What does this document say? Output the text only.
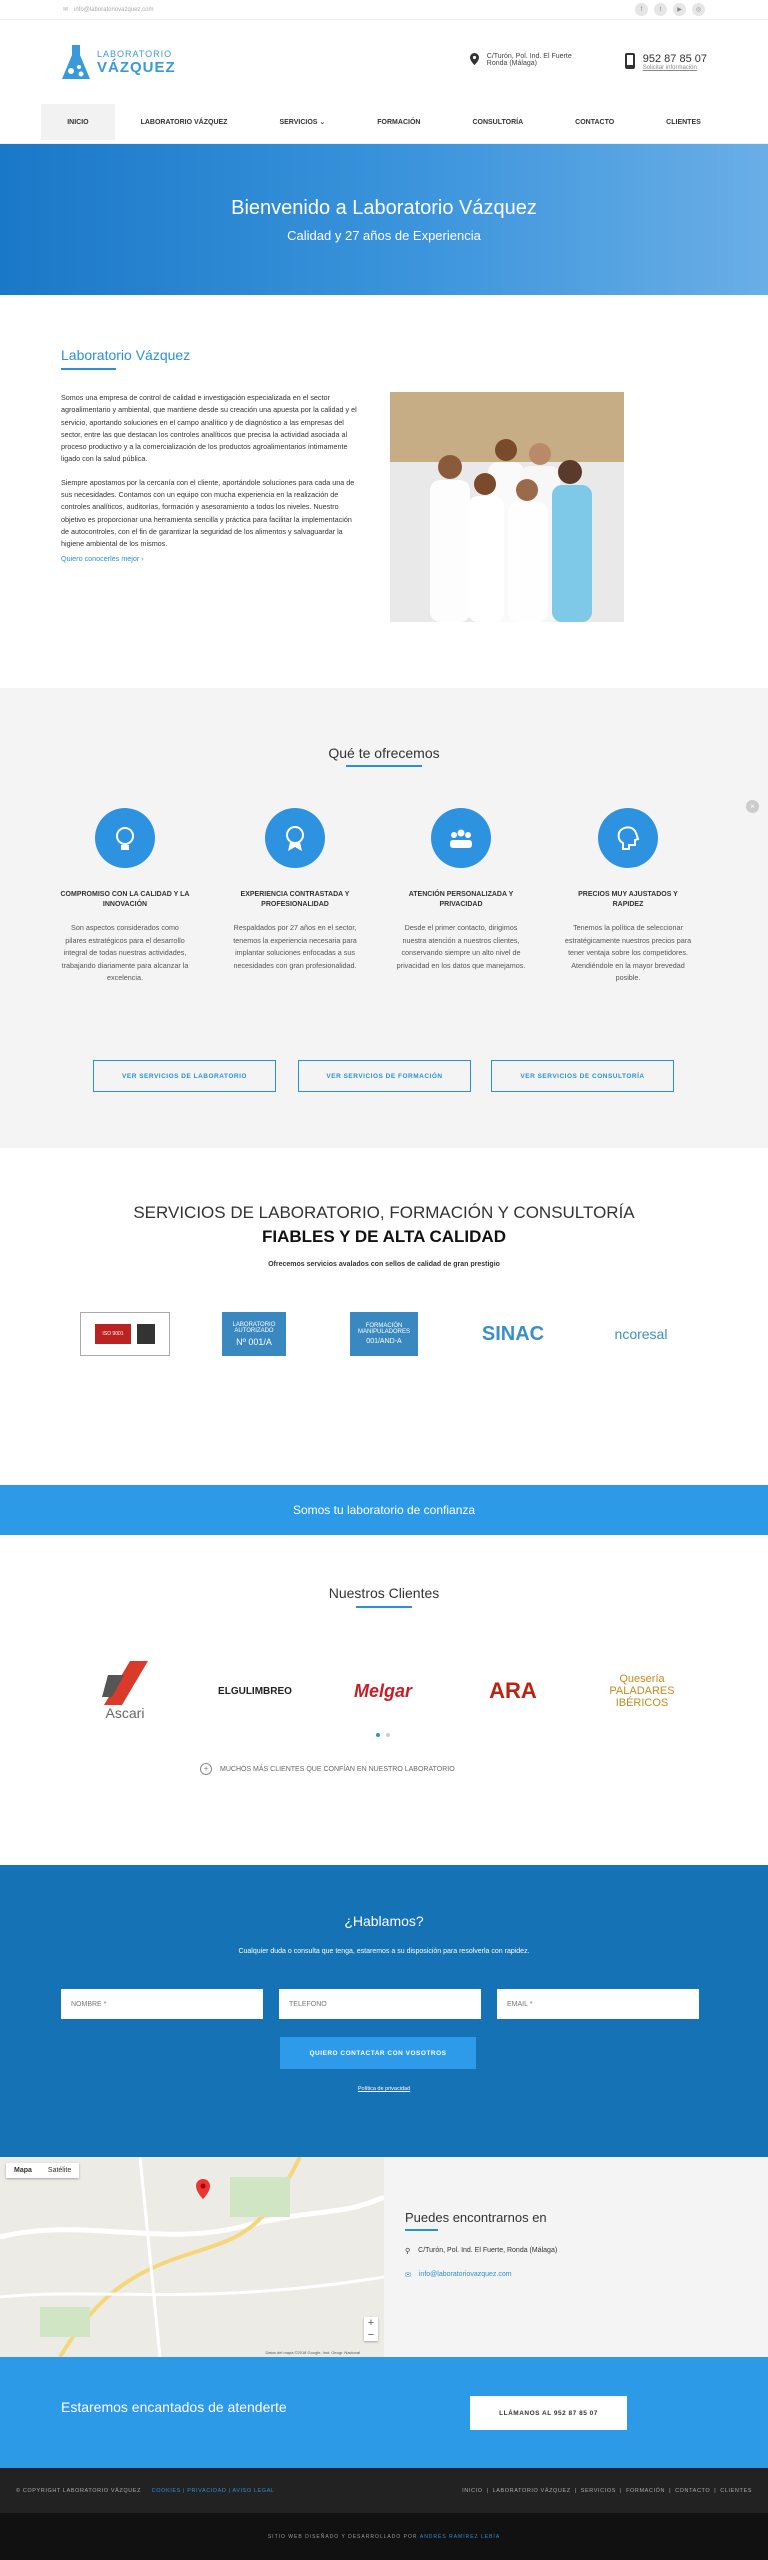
✉ info@laboratoriovazquez.com	f	t	▶	◎
LABORATORIO
VÁZQUEZ
C/Turón, Pol. Ind. El Fuerte
Ronda (Málaga)	952 87 85 07
Solicitar información
INICIO	LABORATORIO VÁZQUEZ	SERVICIOS
⌄	FORMACIÓN	CONSULTORÍA	CONTACTO	CLIENTES
Bienvenido a Laboratorio Vázquez

Calidad y 27 años de Experiencia

Laboratorio Vázquez

Somos una empresa de control de calidad e investigación especializada en el sector agroalimentario y ambiental, que mantiene desde su creación una apuesta por la calidad y el servicio, aportando soluciones en el campo analítico y de diagnóstico a las empresas del sector, entre las que destacan los controles analíticos que precisa la actividad asociada al proceso productivo y a la comercialización de los productos agroalimentarios íntimamente ligado con la salud pública.

Siempre apostamos por la cercanía con el cliente, aportándole soluciones para cada una de sus necesidades. Contamos con un equipo con mucha experiencia en la realización de controles analíticos, auditorías, formación y asesoramiento a todos los niveles. Nuestro objetivo es proporcionar una herramienta sencilla y práctica para facilitar la implementación de autocontroles, con el fin de garantizar la seguridad de los alimentos y salvaguardar la higiene ambiental de los mismos.

Quiero conocerles mejor ›
×
Qué te ofrecemos
COMPROMISO CON LA CALIDAD Y LA INNOVACIÓN

Son aspectos considerados como pilares estratégicos para el desarrollo integral de todas nuestras actividades, trabajando diariamente para alcanzar la excelencia.

EXPERIENCIA CONTRASTADA Y PROFESIONALIDAD

Respaldados por 27 años en el sector, tenemos la experiencia necesaria para implantar soluciones enfocadas a sus necesidades con gran profesionalidad.

ATENCIÓN PERSONALIZADA Y PRIVACIDAD

Desde el primer contacto, dirigimos nuestra atención a nuestros clientes, conservando siempre un alto nivel de privacidad en los datos que manejamos.

PRECIOS MUY AJUSTADOS Y RAPIDEZ

Tenemos la política de seleccionar estratégicamente nuestros precios para tener ventaja sobre los competidores. Atendiéndole en la mayor brevedad posible.

VER SERVICIOS DE LABORATORIO	VER SERVICIOS DE FORMACIÓN	VER SERVICIOS DE CONSULTORÍA
SERVICIOS DE LABORATORIO, FORMACIÓN Y CONSULTORÍA
FIABLES Y DE ALTA CALIDAD

Ofrecemos servicios avalados con sellos de calidad de gran prestigio

ISO 9001
LABORATORIO AUTORIZADO
Nº 001/A
FORMACIÓN MANIPULADORES
001/AND-A	SINAC	ncoresal
Somos tu laboratorio de confianza
Nuestros Clientes
Ascari
ELGULIMBREO	Melgar	ARA	Quesería PALADARES IBÉRICOS
+	MUCHOS MÁS CLIENTES QUE CONFÍAN EN NUESTRO LABORATORIO
¿Hablamos?
Cualquier duda o consulta que tenga, estaremos a su disposición para resolverla con rapidez.
NOMBRE *
TELÉFONO
EMAIL *
QUIERO CONTACTAR CON VOSOTROS
Política de privacidad
Mapa	Satélite
+
−
Datos del mapa ©2018 Google, Inst. Geogr. Nacional
Puedes encontrarnos en
⚲ C/Turón, Pol. Ind. El Fuerte, Ronda (Málaga)
✉ info@laboratoriovazquez.com
Estaremos encantados de atenderte	LLÁMANOS AL 952 87 85 07
© COPYRIGHT LABORATORIO VÁZQUEZ COOKIES | PRIVACIDAD | AVISO LEGAL	INICIO | LABORATORIO VÁZQUEZ | SERVICIOS | FORMACIÓN | CONTACTO | CLIENTES
SITIO WEB DISEÑADO Y DESARROLLADO POR
ANDRÉS RAMÍREZ LEBÍA
